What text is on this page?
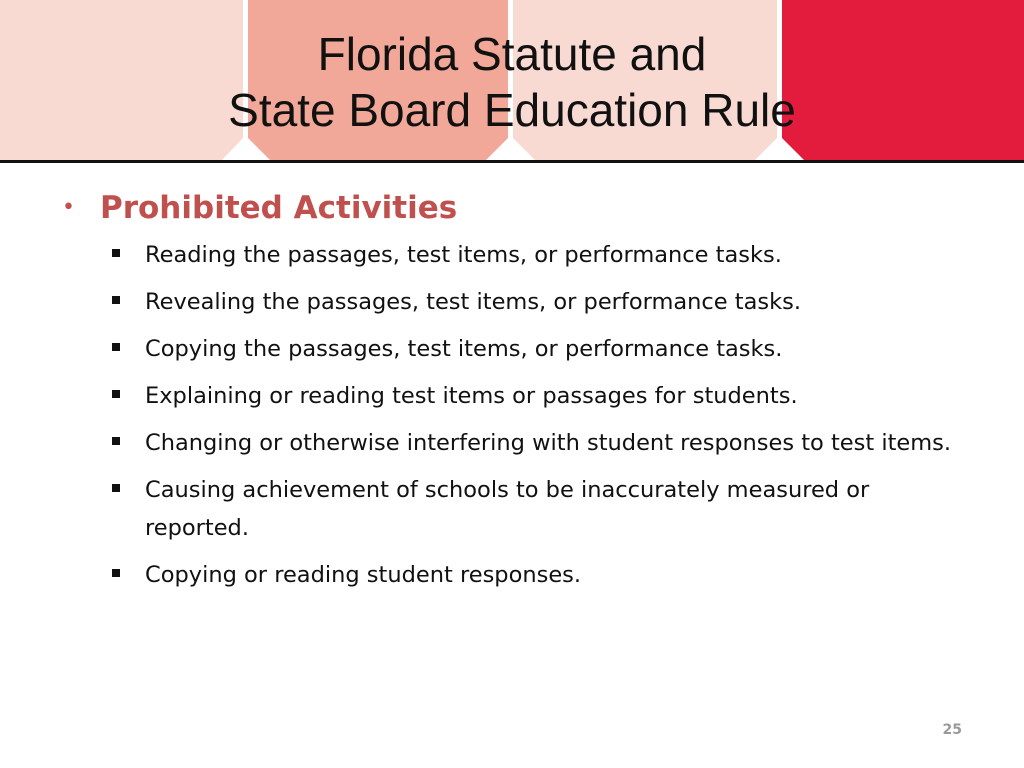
Florida Statute and
State Board Education Rule
• Prohibited Activities
Reading the passages, test items, or performance tasks.
Revealing the passages, test items, or performance tasks.
Copying the passages, test items, or performance tasks.
Explaining or reading test items or passages for students.
Changing or otherwise interfering with student responses to test items.
Causing achievement of schools to be inaccurately measured or reported.
Copying or reading student responses.
25
